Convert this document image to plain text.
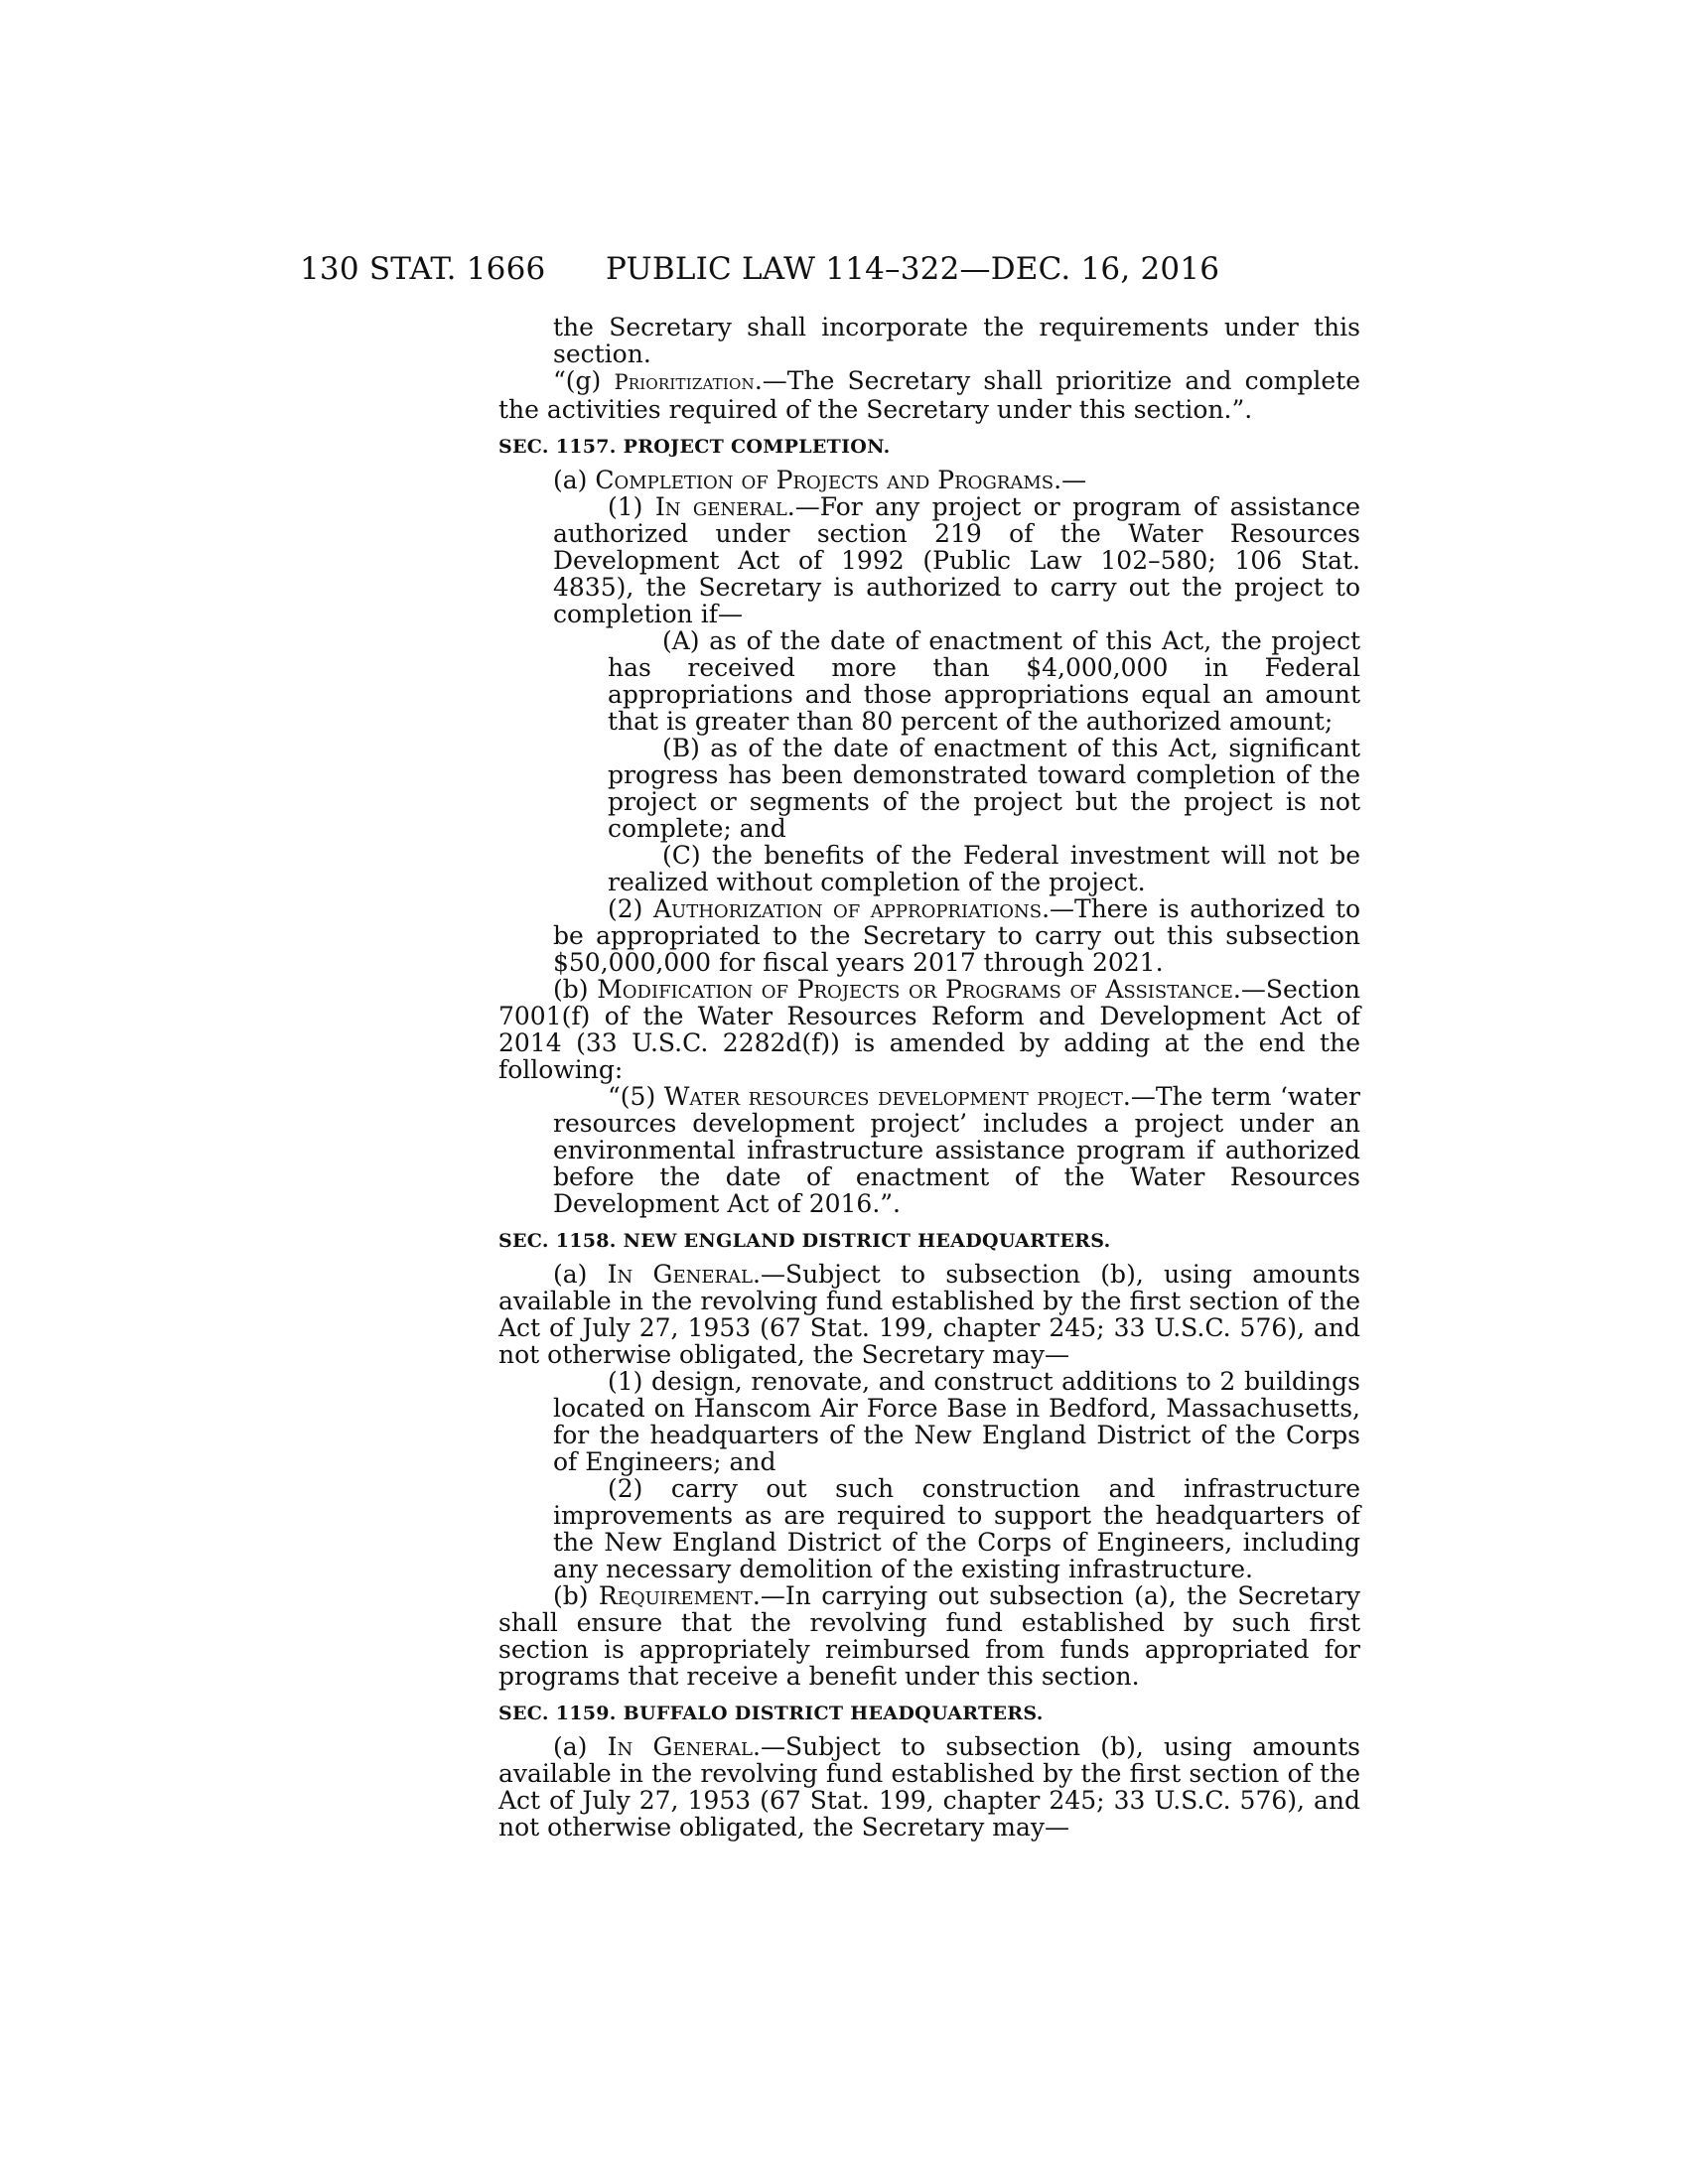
130 STAT. 1666 PUBLIC LAW 114–322—DEC. 16, 2016

the Secretary shall incorporate the requirements under this section.

“(g) Prioritization.—The Secretary shall prioritize and complete the activities required of the Secretary under this section.”.

SEC. 1157. PROJECT COMPLETION.

(a) Completion of Projects and Programs.—

(1) In general.—For any project or program of assistance authorized under section 219 of the Water Resources Development Act of 1992 (Public Law 102–580; 106 Stat. 4835), the Secretary is authorized to carry out the project to completion if—

(A) as of the date of enactment of this Act, the project has received more than $4,000,000 in Federal appropriations and those appropriations equal an amount that is greater than 80 percent of the authorized amount;

(B) as of the date of enactment of this Act, significant progress has been demonstrated toward completion of the project or segments of the project but the project is not complete; and

(C) the benefits of the Federal investment will not be realized without completion of the project.

(2) Authorization of appropriations.—There is authorized to be appropriated to the Secretary to carry out this subsection $50,000,000 for fiscal years 2017 through 2021.

(b) Modification of Projects or Programs of Assistance.—Section 7001(f) of the Water Resources Reform and Development Act of 2014 (33 U.S.C. 2282d(f)) is amended by adding at the end the following:

“(5) Water resources development project.—The term ‘water resources development project’ includes a project under an environmental infrastructure assistance program if authorized before the date of enactment of the Water Resources Development Act of 2016.”.

SEC. 1158. NEW ENGLAND DISTRICT HEADQUARTERS.

(a) In General.—Subject to subsection (b), using amounts available in the revolving fund established by the first section of the Act of July 27, 1953 (67 Stat. 199, chapter 245; 33 U.S.C. 576), and not otherwise obligated, the Secretary may—

(1) design, renovate, and construct additions to 2 buildings located on Hanscom Air Force Base in Bedford, Massachusetts, for the headquarters of the New England District of the Corps of Engineers; and

(2) carry out such construction and infrastructure improvements as are required to support the headquarters of the New England District of the Corps of Engineers, including any necessary demolition of the existing infrastructure.

(b) Requirement.—In carrying out subsection (a), the Secretary shall ensure that the revolving fund established by such first section is appropriately reimbursed from funds appropriated for programs that receive a benefit under this section.

SEC. 1159. BUFFALO DISTRICT HEADQUARTERS.

(a) In General.—Subject to subsection (b), using amounts available in the revolving fund established by the first section of the Act of July 27, 1953 (67 Stat. 199, chapter 245; 33 U.S.C. 576), and not otherwise obligated, the Secretary may—
